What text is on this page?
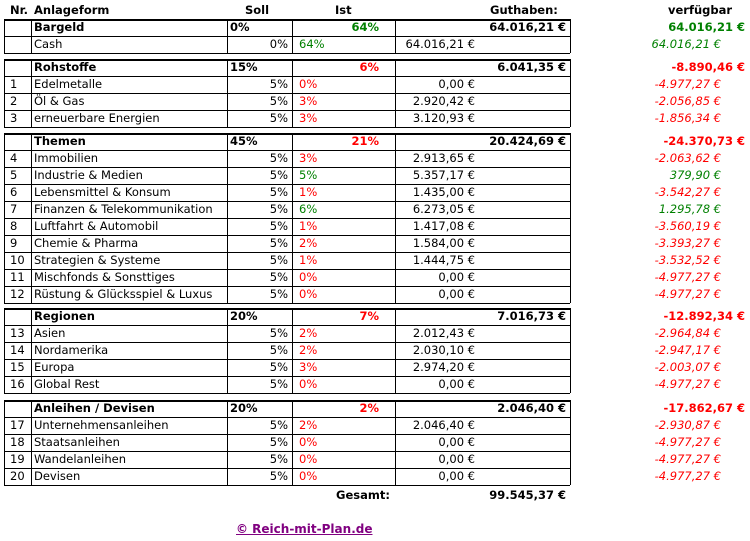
Nr. Anlageform	Soll	Ist	Guthaben:	verfügbar
Bargeld	0%	64%	64.016,21 €	64.016,21 €
Cash	0% 64%	64.016,21 €	64.016,21 €
Rohstoffe	15%	6%	6.041,35 €	-8.890,46 €
1	Edelmetalle	5% 0%	0,00 €	-4.977,27 €
2	Öl & Gas	5% 3%	2.920,42 €	-2.056,85 €
3	erneuerbare Energien	5% 3%	3.120,93 €	-1.856,34 €
Themen	45%	21%	20.424,69 €	-24.370,73 €
4	Immobilien	5% 3%	2.913,65 €	-2.063,62 €
5	Industrie & Medien	5% 5%	5.357,17 €	379,90 €
6	Lebensmittel & Konsum	5% 1%	1.435,00 €	-3.542,27 €
7	Finanzen & Telekommunikation	5% 6%	6.273,05 €	1.295,78 €
8	Luftfahrt & Automobil	5% 1%	1.417,08 €	-3.560,19 €
9	Chemie & Pharma	5% 2%	1.584,00 €	-3.393,27 €
10 Strategien & Systeme	5% 1%	1.444,75 €	-3.532,52 €
11 Mischfonds & Sonsttiges	5% 0%	0,00 €	-4.977,27 €
12 Rüstung & Glücksspiel & Luxus	5% 0%	0,00 €	-4.977,27 €
Regionen	20%	7%	7.016,73 €	-12.892,34 €
13 Asien	5% 2%	2.012,43 €	-2.964,84 €
14 Nordamerika	5% 2%	2.030,10 €	-2.947,17 €
15 Europa	5% 3%	2.974,20 €	-2.003,07 €
16 Global Rest	5% 0%	0,00 €	-4.977,27 €
Anleihen / Devisen	20%	2%	2.046,40 €	-17.862,67 €
17 Unternehmensanleihen	5% 2%	2.046,40 €	-2.930,87 €
18 Staatsanleihen	5% 0%	0,00 €	-4.977,27 €
19 Wandelanleihen	5% 0%	0,00 €	-4.977,27 €
20 Devisen	5% 0%	0,00 €	-4.977,27 €
Gesamt:	99.545,37 €
© Reich-mit-Plan.de
